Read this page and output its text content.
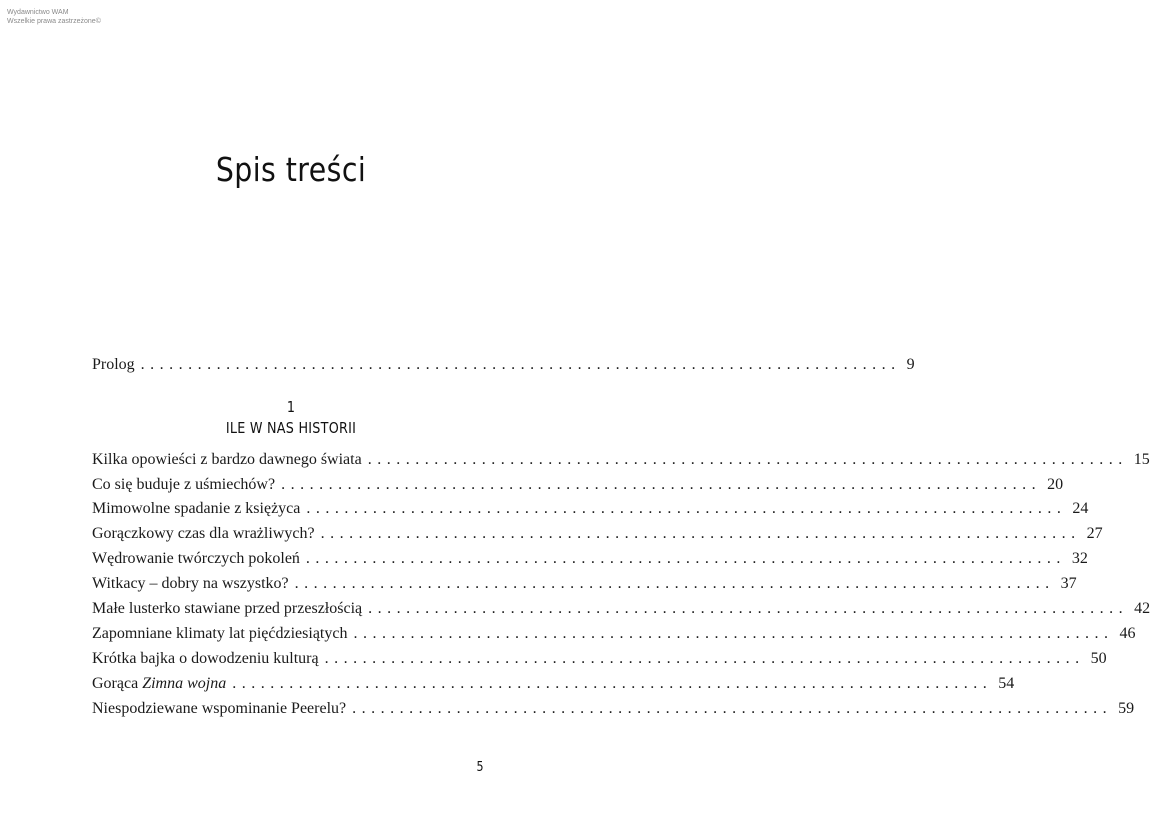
Wydawnictwo WAM
Wszelkie prawa zastrzeżone©
Spis treści
Prolog ................................................................................ 9
1
ILE W NAS HISTORII
Kilka opowieści z bardzo dawnego świata ................................................................................ 15
Co się buduje z uśmiechów? ................................................................................ 20
Mimowolne spadanie z księżyca ................................................................................ 24
Gorączkowy czas dla wrażliwych? ................................................................................ 27
Wędrowanie twórczych pokoleń ................................................................................ 32
Witkacy – dobry na wszystko? ................................................................................ 37
Małe lusterko stawiane przed przeszłością ................................................................................ 42
Zapomniane klimaty lat pięćdziesiątych ................................................................................ 46
Krótka bajka o dowodzeniu kulturą ................................................................................ 50
Gorąca Zimna wojna ................................................................................ 54
Niespodziewane wspominanie Peerelu? ................................................................................ 59
5
